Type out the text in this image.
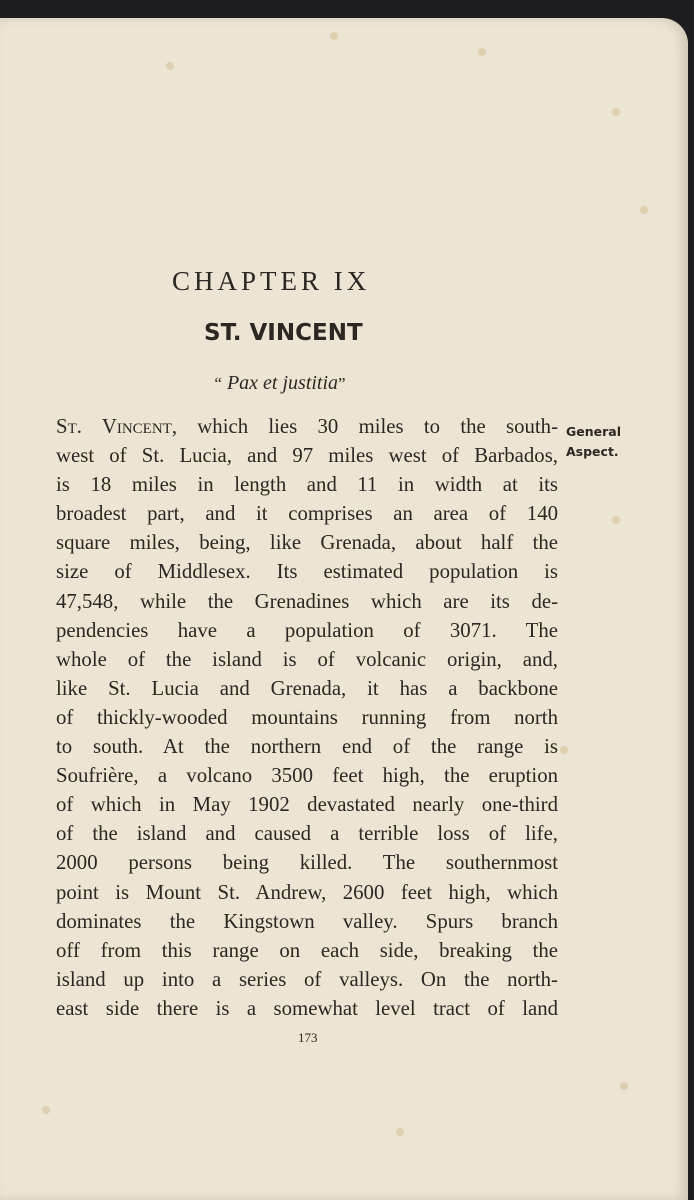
CHAPTER IX
ST. VINCENT
“ Pax et justitia”
St. Vincent, which lies 30 miles to the south-
west of St. Lucia, and 97 miles west of Barbados,
is 18 miles in length and 11 in width at its
broadest part, and it comprises an area of 140
square miles, being, like Grenada, about half the
size of Middlesex. Its estimated population is
47,548, while the Grenadines which are its de-
pendencies have a population of 3071. The
whole of the island is of volcanic origin, and,
like St. Lucia and Grenada, it has a backbone
of thickly-wooded mountains running from north
to south. At the northern end of the range is
Soufrière, a volcano 3500 feet high, the eruption
of which in May 1902 devastated nearly one-third
of the island and caused a terrible loss of life,
2000 persons being killed. The southernmost
point is Mount St. Andrew, 2600 feet high, which
dominates the Kingstown valley. Spurs branch
off from this range on each side, breaking the
island up into a series of valleys. On the north-
east side there is a somewhat level tract of land
General
Aspect.
173
